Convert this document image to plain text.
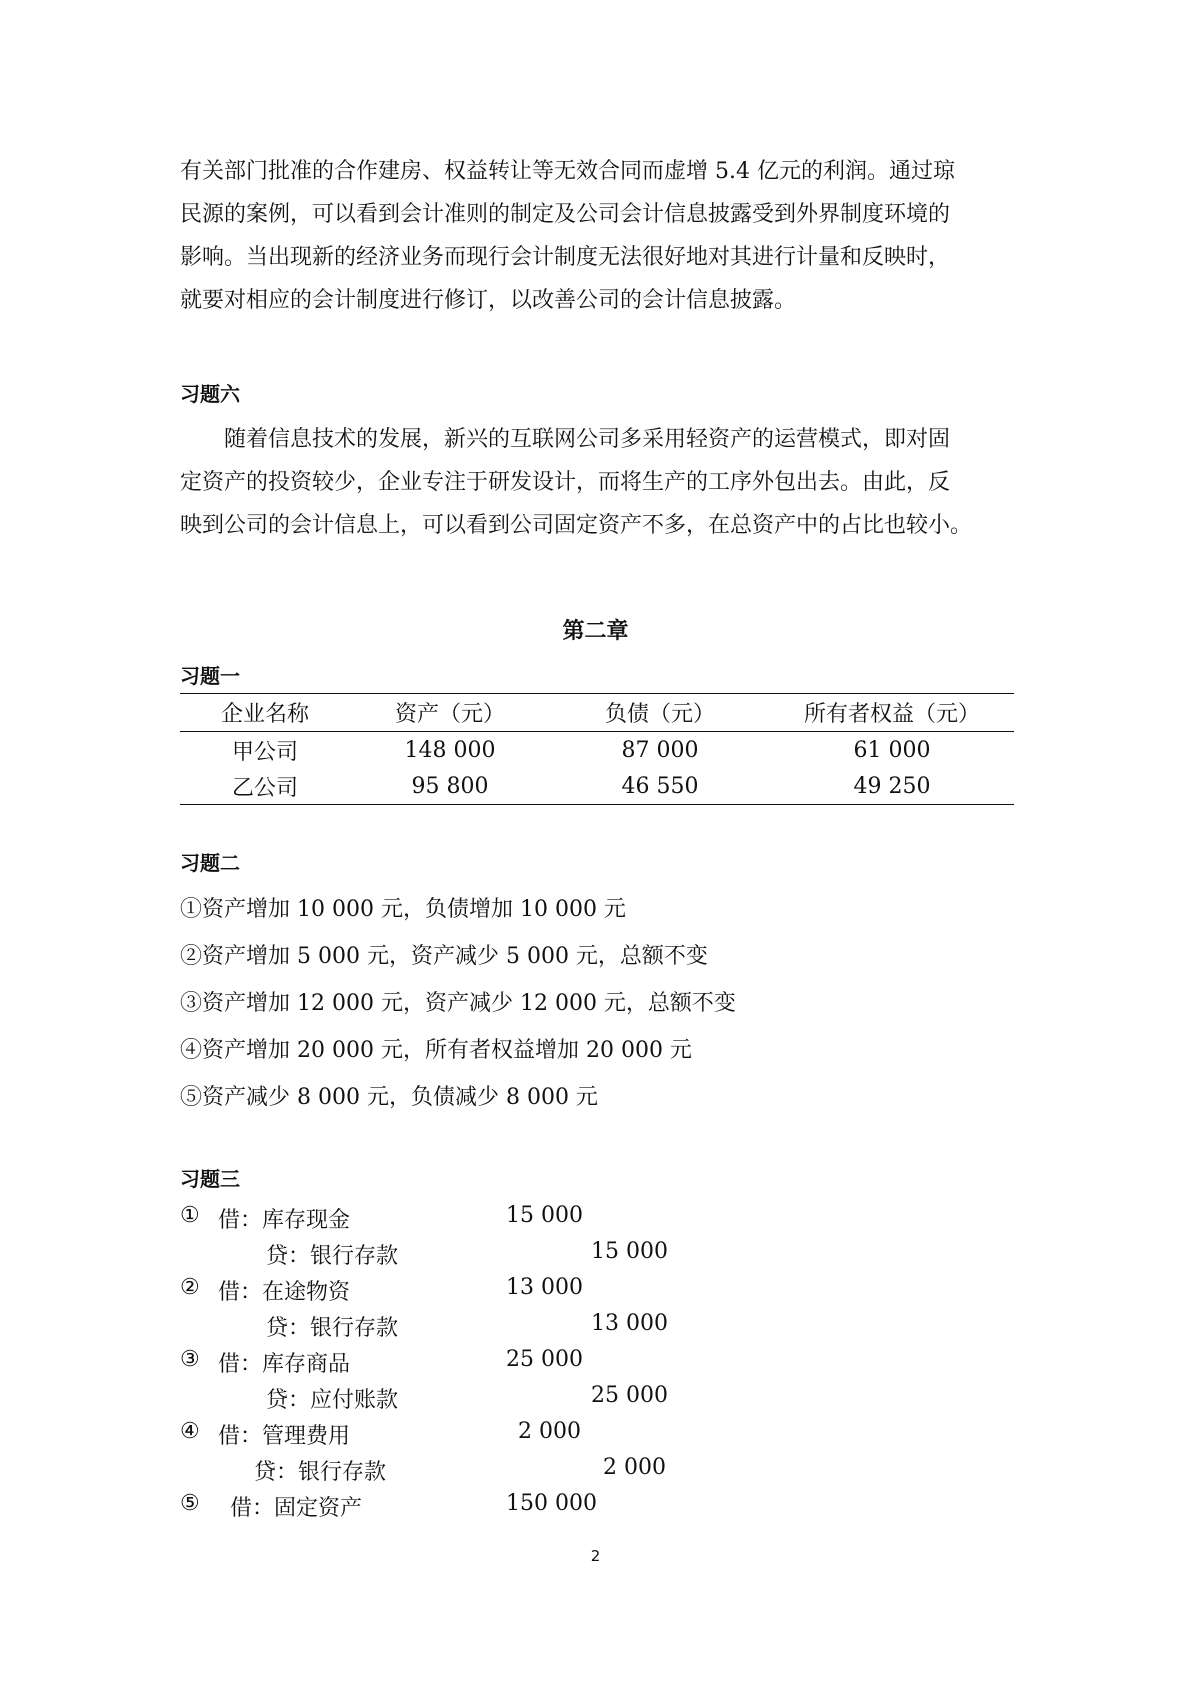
有关部门批准的合作建房、权益转让等无效合同而虚增 5.4 亿元的利润。通过琼
民源的案例，可以看到会计准则的制定及公司会计信息披露受到外界制度环境的
影响。当出现新的经济业务而现行会计制度无法很好地对其进行计量和反映时，
就要对相应的会计制度进行修订，以改善公司的会计信息披露。
习题六
随着信息技术的发展，新兴的互联网公司多采用轻资产的运营模式，即对固
定资产的投资较少，企业专注于研发设计，而将生产的工序外包出去。由此，反
映到公司的会计信息上，可以看到公司固定资产不多，在总资产中的占比也较小。
第二章
习题一
企业名称	资产（元）	负债（元）	所有者权益（元）
甲公司	148 000	87 000	61 000
乙公司	95 800	46 550	49 250
习题二
①资产增加 10 000 元，负债增加 10 000 元
②资产增加 5 000 元，资产减少 5 000 元，总额不变
③资产增加 12 000 元，资产减少 12 000 元，总额不变
④资产增加 20 000 元，所有者权益增加 20 000 元
⑤资产减少 8 000 元，负债减少 8 000 元
习题三
① 借：库存现金	15 000
贷：银行存款	15 000
② 借：在途物资	13 000
贷：银行存款	13 000
③ 借：库存商品	25 000
贷：应付账款	25 000
④ 借：管理费用	2 000
贷：银行存款	2 000
⑤ 借：固定资产	150 000
2
